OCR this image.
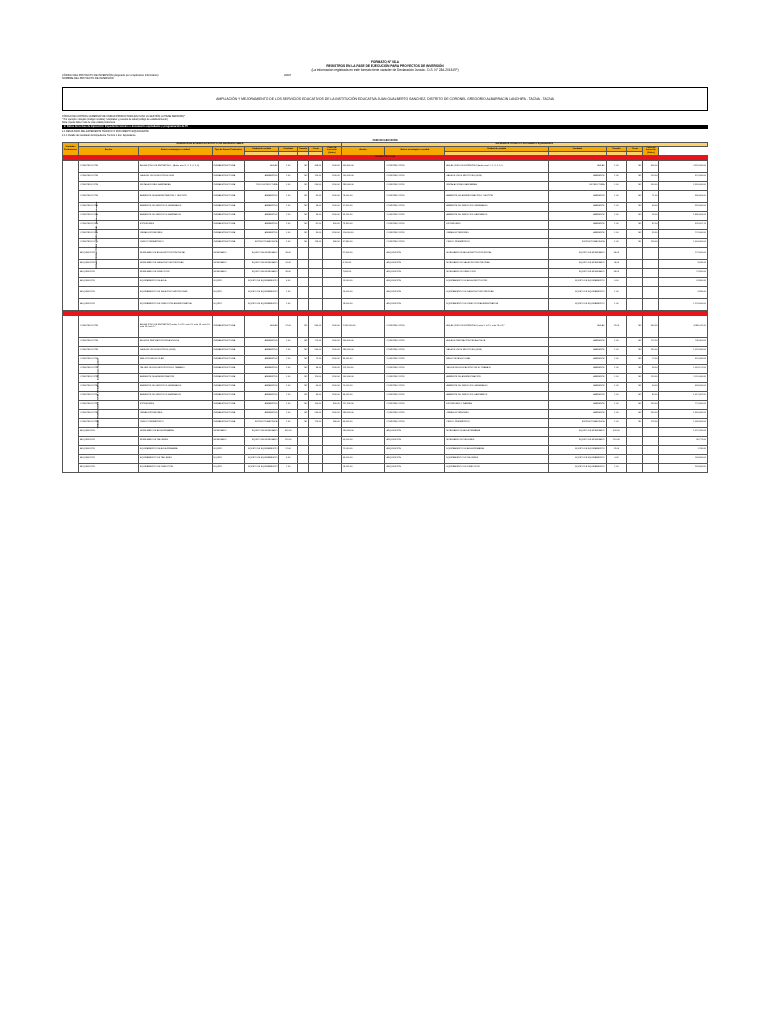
FORMATO N° 08-A
REGISTROS EN LA FASE DE EJECUCIÓN PARA PROYECTOS DE INVERSIÓN
(La información registrada en este formato tiene carácter de Declaración Jurada - D.S. N° 284-2018-EF)
CÓDIGO DEL PROYECTO DE INVERSIÓN (Asignado por el Aplicativo Informático)
NOMBRE DEL PROYECTO DE INVERSIÓN
26027
AMPLIACIÓN Y MEJORAMIENTO DE LOS SERVICIOS EDUCATIVOS DE LA INSTITUCIÓN EDUCATIVA JUAN GUALBERTO SANCHEZ, DISTRITO DE CORONEL GREGORIO ALBARRACIN LANCHIPA - TACNA - TACNA
CÓDIGO DE CONTROL GUBERNAT DE UNIDAD PRODUCTORA (EN CASO LA GESTIÓN LA TIENE DEFINIDO)*
* Por ejemplo: colegios (código modular), hospitales y puestos de salud (código de establecimiento)
Nota: puede haber más de una unidad productora.
2. Datos de la fase de Ejecución: Expediente técnico o documento equivalente y programación de PI
2.1 RESULTADO DEL EXPEDIENTE TÉCNICO O DOCUMENTO EQUIVALENTE
2.1.1 Detalle del resultado del Expediente Técnico o doc. Equivalente
FASE DE EJECUCIÓN
Unidades Productoras	INVERSIÓN DE ACUERDO A PROYECTO DE INVERSIÓN VIABLE								EXPEDIENTE TÉCNICO O DOCUMENTO EQUIVALENTE							
	Acción	Activo estratégico o unidad	Tipo de Factor Productivo	Unidad de medida	Cantidad	Tamaño	Costo	Costo de inversión (Soles)	Acción	Activo estratégico o unidad	Unidad de medida	Cantidad	Tamaño	Costo	Costo de inversión (Soles)	

INFRAESTRUCTURA																
UNIDAD PRODUCTORA 1 - NIVEL INICIAL - Institución educativa	CONSTRUCCIÓN	AULAS (PISO DE ENTREPISO... (Aulas nivel 1, 2, 3, 4, 5, 6)	INFRAESTRUCTURA	AULAS	1.00	M2	458.00	1200.00	549,600.00	CONSTRUCCIÓN	AULAS (PISO DE ENTREPISO) Aulas nivel 1, 2, 3, 4, 5, 6	AULAS	1.00	M2	456.00	2,319,020.00
	CONSTRUCCIÓN	SALA DE USOS MULTIPLES SUM	INFRAESTRUCTURA	AMBIENTES	1.00	M2	120.00	1200.00	144,000.00	CONSTRUCCIÓN	SALA DE USOS MULTIPLES (SUM)	AMBIENTE	1.00	M2	120.00	457,000.00
	CONSTRUCCIÓN	INSTALACIONES SANITARIAS	INFRAESTRUCTURA	TODO ESTRUCTURA	1.00	M2	240.00	1200.00	288,000.00	CONSTRUCCIÓN	INSTALACIONES SANITARIAS	ESTRUCTURA	1.00	M2	240.00	1,950,000.00
	CONSTRUCCIÓN	AMBIENTE DE ADMINISTRACIÓN Y GESTIÓN	INFRAESTRUCTURA	AMBIENTES	1.00	M2	65.00	1200.00	78,000.00	CONSTRUCCIÓN	AMBIENTE DE ADMINISTRACIÓN Y GESTIÓN	AMBIENTE	1.00	M2	71.00	480,000.00
	CONSTRUCCIÓN	AMBIENTE DE SERVICIOS GENERALES	INFRAESTRUCTURA	AMBIENTES	1.00	M2	48.00	1200.00	57,600.00	CONSTRUCCIÓN	AMBIENTE DE SERVICIOS GENERALES	AMBIENTE	1.00	M2	48.00	355,000.00
	CONSTRUCCIÓN	AMBIENTE DE SERVICIOS SANITARIOS	INFRAESTRUCTURA	AMBIENTES	1.00	M2	36.00	1200.00	43,200.00	CONSTRUCCIÓN	AMBIENTE DE SERVICIOS SANITARIOS	AMBIENTE	1.00	M2	36.00	1,880,000.00
	CONSTRUCCIÓN	EXTERIORES	INFRAESTRUCTURA	AMBIENTES	1.00	M2	87.00	850.00	73,950.00	CONSTRUCCIÓN	EXTERIORES	AMBIENTE	1.00	M2	87.00	455,057.13
	CONSTRUCCIÓN	OBRAS EXTERIORES	INFRAESTRUCTURA	AMBIENTES	1.00	M2	95.00	1200.00	114,000.00	CONSTRUCCIÓN	OBRAS EXTERIORES	AMBIENTE	1.00	M2	95.00	770,000.00
	CONSTRUCCIÓN	CERCO PERIMÉTRICO	INFRAESTRUCTURA	ESTRUCTURA FÍSICA	1.00	ML	126.00	380.00	47,880.00	CONSTRUCCIÓN	CERCO PERIMÉTRICO	ESTRUCTURA FÍSICA	1.00	ML	126.00	1,054,000.00
	ADQUISICIÓN	MOBILIARIO DE AULA INSTITUCIÓN INICIAL	MOBILIARIO	EQUIPO DE MOBILIARIO	36.00				57,600.00	ADQUISICIÓN	MOBILIARIO DE AULA INSTITUCIÓN INICIAL	EQUIPO DE MOBILIARIO	36.00			172,000.00
	ADQUISICIÓN	MOBILIARIO DE SALA PSICOMOTRICIDAD	MOBILIARIO	EQUIPO DE MOBILIARIO	16.00				6,700.00	ADQUISICIÓN	MOBILIARIO DE SALA PSICOMOTRICIDAD	EQUIPO DE MOBILIARIO	16.00			9,635.00
	ADQUISICIÓN	MOBILIARIO DE DIRECCIÓN	MOBILIARIO	EQUIPO DE MOBILIARIO	36.00				7,800.00	ADQUISICIÓN	MOBILIARIO DE DIRECCIÓN	EQUIPO DE MOBILIARIO	36.00			27,820.00
	ADQUISICIÓN	EQUIPAMIENTO DE AULA	EQUIPO	EQUIPO DE EQUIPAMIENTO	6.00				15,000.00	ADQUISICIÓN	EQUIPAMIENTO DE AULA INSTITUCIÓN	EQUIPO DE EQUIPAMIENTO	6.00			24,900.00
	ADQUISICIÓN	EQUIPAMIENTO DE SALA PSICOMOTRICIDAD	EQUIPO	EQUIPO DE EQUIPAMIENTO	1.00				10,000.00	ADQUISICIÓN	EQUIPAMIENTO DE SALA PSICOMOTRICIDAD	EQUIPO DE EQUIPAMIENTO	1.00			4,990.00
	ADQUISICIÓN	EQUIPAMIENTO DE DIRECCIÓN ADMINISTRATIVA	EQUIPO	EQUIPO DE EQUIPAMIENTO	1.00				18,000.00	ADQUISICIÓN	EQUIPAMIENTO DE DIRECCIÓN ADMINISTRATIVA	EQUIPO DE EQUIPAMIENTO	1.00			1,125,000.00

UNIDAD PRODUCTORA 2 - NIVEL PRIMARIA - Institución educativa	CONSTRUCCIÓN	AULAS (PISO DE ENTREPISO) aulas 1 al 12, aula 13, aula 14, aula 15, aula 16, aula 17	INFRAESTRUCTURA	AULAS	12.00	M2	540.00	1200.00	2,592,000.00	CONSTRUCCIÓN	AULAS (PISO DE ENTREPISO) aulas 1 al 12, aula 13 al 17	AULAS	12.00	M2	540.00	4,980,011.00
	CONSTRUCCIÓN	AULA DE INNOVACIÓN PEDAGÓGICA	INFRAESTRUCTURA	AMBIENTES	1.00	M2	172.00	1200.00	206,400.00	CONSTRUCCIÓN	AULA DE INNOVACIÓN PEDAGÓGICA	AMBIENTE	1.00	M2	172.00	790,000.00
	CONSTRUCCIÓN	SALA DE USOS MULTIPLES (SUM)	INFRAESTRUCTURA	AMBIENTES	1.00	M2	240.00	1200.00	288,000.00	CONSTRUCCIÓN	SALA DE USOS MULTIPLES (SUM)	AMBIENTE	1.00	M2	240.00	1,097,000.00
	CONSTRUCCIÓN	BIBLIOTECA ESCOLAR	INFRAESTRUCTURA	AMBIENTES	1.00	M2	72.00	1200.00	86,400.00	CONSTRUCCIÓN	BIBLIOTECA ESCOLAR	AMBIENTE	1.00	M2	72.00	419,000.00
	CONSTRUCCIÓN	TALLER DE EDUCACIÓN POR EL TRABAJO	INFRAESTRUCTURA	AMBIENTES	1.00	M2	96.00	1200.00	115,200.00	CONSTRUCCIÓN	TALLER DE EDUCACIÓN POR EL TRABAJO	AMBIENTE	1.00	M2	96.00	1,016,127.00
	CONSTRUCCIÓN	AMBIENTE DE ADMINISTRACIÓN	INFRAESTRUCTURA	AMBIENTES	1.00	M2	120.00	1200.00	144,000.00	CONSTRUCCIÓN	AMBIENTE DE ADMINISTRACIÓN	AMBIENTE	1.00	M2	120.00	1,116,000.00
	CONSTRUCCIÓN	AMBIENTE DE SERVICIOS GENERALES	INFRAESTRUCTURA	AMBIENTES	1.00	M2	60.00	1200.00	72,000.00	CONSTRUCCIÓN	AMBIENTE DE SERVICIOS GENERALES	AMBIENTE	1.00	M2	60.00	469,000.00
	CONSTRUCCIÓN	AMBIENTE DE SERVICIOS SANITARIOS	INFRAESTRUCTURA	AMBIENTES	1.00	M2	80.00	1200.00	96,000.00	CONSTRUCCIÓN	AMBIENTE DE SERVICIOS SANITARIOS	AMBIENTE	1.00	M2	80.00	1,017,097.00
	CONSTRUCCIÓN	EXTERIORES	INFRAESTRUCTURA	AMBIENTES	1.00	M2	150.00	850.00	127,500.00	CONSTRUCCIÓN	EXTERIORES Y RAMPAS	AMBIENTE	1.00	M2	150.00	775,000.00
	CONSTRUCCIÓN	OBRAS EXTERIORES	INFRAESTRUCTURA	AMBIENTES	1.00	M2	240.00	1200.00	288,000.00	CONSTRUCCIÓN	OBRAS EXTERIORES	AMBIENTE	1.00	M2	240.00	1,950,000.00
	CONSTRUCCIÓN	CERCO PERIMÉTRICO	INFRAESTRUCTURA	ESTRUCTURA FÍSICA	1.00	ML	175.00	380.00	66,500.00	CONSTRUCCIÓN	CERCO PERIMÉTRICO	ESTRUCTURA FÍSICA	1.00	ML	175.00	1,090,000.00
	ADQUISICIÓN	MOBILIARIO DE AULA PRIMARIA	MOBILIARIO	EQUIPO DE MOBILIARIO	420.00				180,000.00	ADQUISICIÓN	MOBILIARIO DE AULA PRIMARIA	EQUIPO DE MOBILIARIO	420.00			1,027,020.00
	ADQUISICIÓN	MOBILIARIO DE TALLERES	MOBILIARIO	EQUIPO DE MOBILIARIO	110.00				50,000.00	ADQUISICIÓN	MOBILIARIO DE TALLERES	EQUIPO DE MOBILIARIO	110.00			90,772.00
	ADQUISICIÓN	EQUIPAMIENTO DE AULA PRIMARIA	EQUIPO	EQUIPO DE EQUIPAMIENTO	12.00				72,000.00	ADQUISICIÓN	EQUIPAMIENTO DE AULA PRIMARIA	EQUIPO DE EQUIPAMIENTO	12.00			1,230.00
	ADQUISICIÓN	EQUIPAMIENTO DE TALLERES	EQUIPO	EQUIPO DE EQUIPAMIENTO	4.00				45,000.00	ADQUISICIÓN	EQUIPAMIENTO DE TALLERES	EQUIPO DE EQUIPAMIENTO	4.00			184,000.00
	ADQUISICIÓN	EQUIPAMIENTO DE DIRECCIÓN	EQUIPO	EQUIPO DE EQUIPAMIENTO	1.00				18,000.00	ADQUISICIÓN	EQUIPAMIENTO DE DIRECCIÓN	EQUIPO DE EQUIPAMIENTO	1.00			294,000.00
